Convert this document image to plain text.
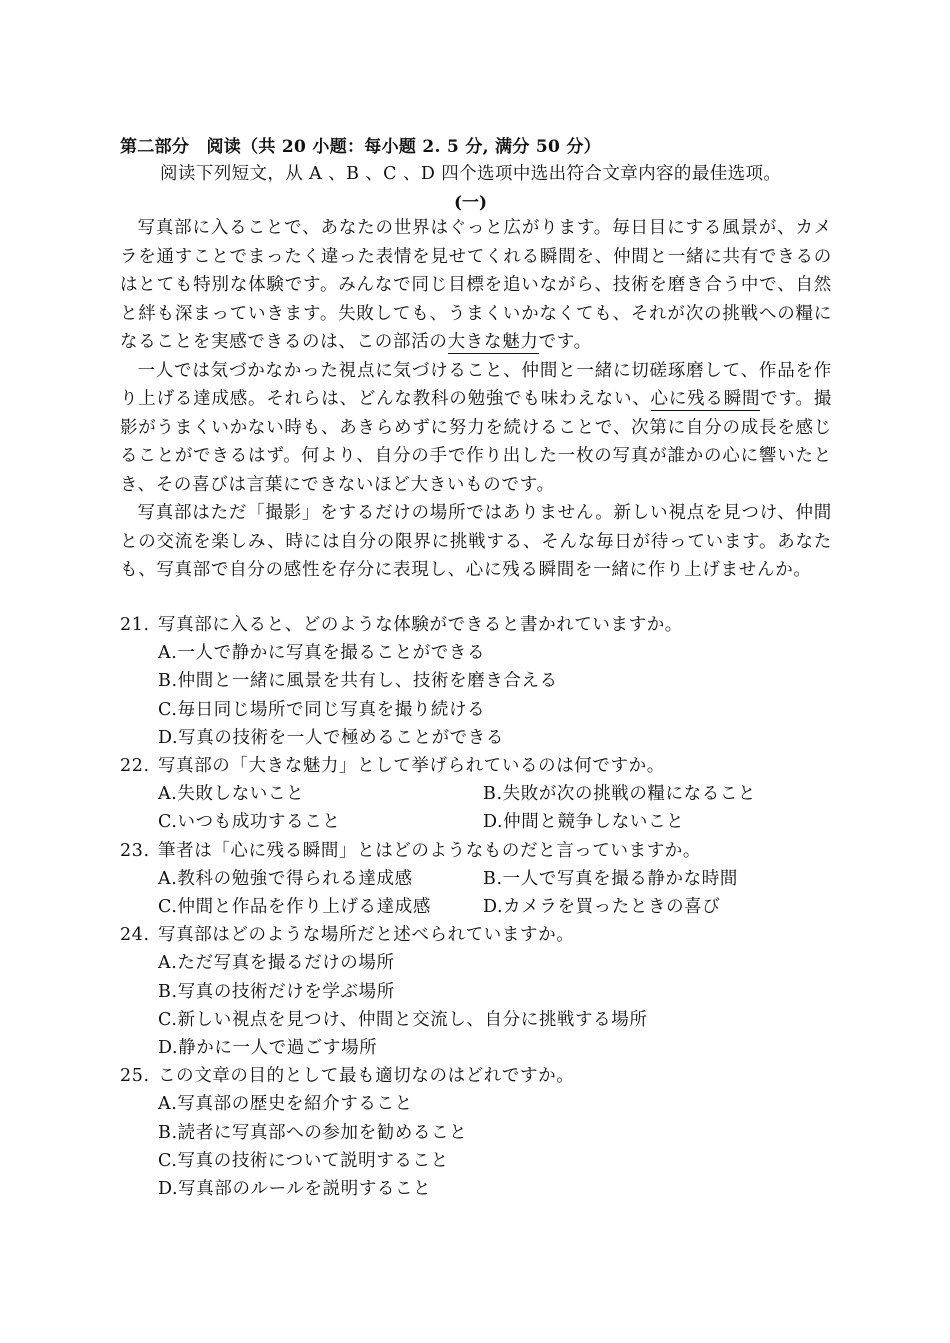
第二部分　阅读（共 20 小题：每小题 2. 5 分, 满分 50 分）
阅读下列短文，从 A 、B 、C 、D 四个选项中选出符合文章内容的最佳选项。
(一)

写真部に入ることで、あなたの世界はぐっと広がります。毎日目にする風景が、カメラを通すことでまったく違った表情を見せてくれる瞬間を、仲間と一緒に共有できるのはとても特別な体験です。みんなで同じ目標を追いながら、技術を磨き合う中で、自然と絆も深まっていきます。失敗しても、うまくいかなくても、それが次の挑戦への糧になることを実感できるのは、この部活の大きな魅力です。

一人では気づかなかった視点に気づけること、仲間と一緒に切磋琢磨して、作品を作り上げる達成感。それらは、どんな教科の勉強でも味わえない、心に残る瞬間です。撮影がうまくいかない時も、あきらめずに努力を続けることで、次第に自分の成長を感じることができるはず。何より、自分の手で作り出した一枚の写真が誰かの心に響いたとき、その喜びは言葉にできないほど大きいものです。

写真部はただ「撮影」をするだけの場所ではありません。新しい視点を見つけ、仲間との交流を楽しみ、時には自分の限界に挑戦する、そんな毎日が待っています。あなたも、写真部で自分の感性を存分に表現し、心に残る瞬間を一緒に作り上げませんか。

21. 写真部に入ると、どのような体験ができると書かれていますか。
A.一人で静かに写真を撮ることができる
B.仲間と一緒に風景を共有し、技術を磨き合える
C.毎日同じ場所で同じ写真を撮り続ける
D.写真の技術を一人で極めることができる
22. 写真部の「大きな魅力」として挙げられているのは何ですか。
A.失敗しないこと	B.失敗が次の挑戦の糧になること
C.いつも成功すること	D.仲間と競争しないこと
23. 筆者は「心に残る瞬間」とはどのようなものだと言っていますか。
A.教科の勉強で得られる達成感	B.一人で写真を撮る静かな時間
C.仲間と作品を作り上げる達成感	D.カメラを買ったときの喜び
24. 写真部はどのような場所だと述べられていますか。
A.ただ写真を撮るだけの場所
B.写真の技術だけを学ぶ場所
C.新しい視点を見つけ、仲間と交流し、自分に挑戦する場所
D.静かに一人で過ごす場所
25. この文章の目的として最も適切なのはどれですか。
A.写真部の歴史を紹介すること
B.読者に写真部への参加を勧めること
C.写真の技術について説明すること
D.写真部のルールを説明すること
